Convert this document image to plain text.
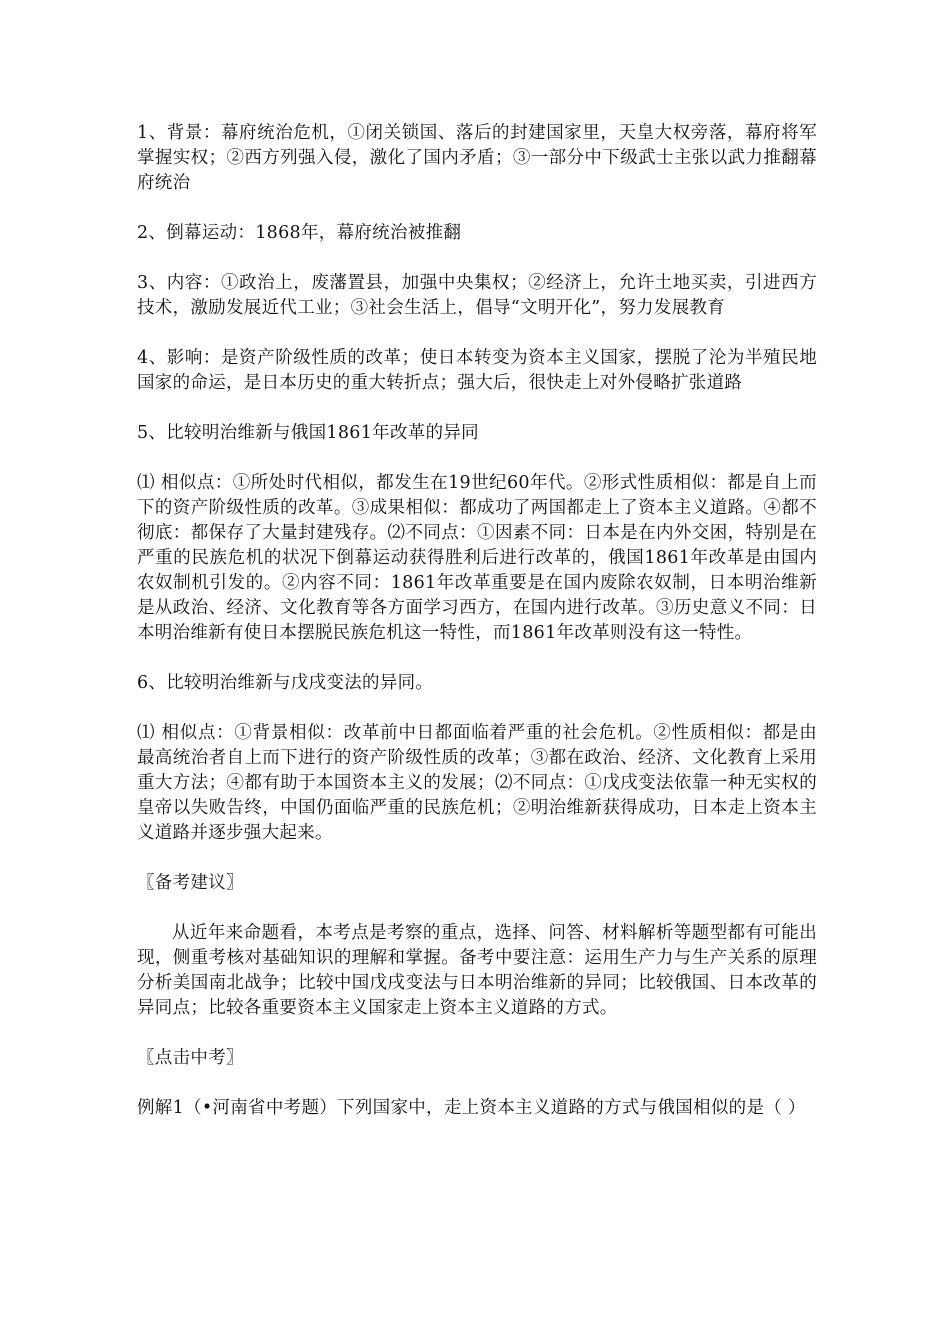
1、背景：幕府统治危机，①闭关锁国、落后的封建国家里，天皇大权旁落，幕府将军掌握实权；②西方列强入侵，激化了国内矛盾；③一部分中下级武士主张以武力推翻幕府统治

2、倒幕运动：1868年，幕府统治被推翻

3、内容：①政治上，废藩置县，加强中央集权；②经济上，允许土地买卖，引进西方技术，激励发展近代工业；③社会生活上，倡导“文明开化”，努力发展教育

4、影响：是资产阶级性质的改革；使日本转变为资本主义国家，摆脱了沦为半殖民地国家的命运，是日本历史的重大转折点；强大后，很快走上对外侵略扩张道路

5、比较明治维新与俄国1861年改革的异同

⑴ 相似点：①所处时代相似，都发生在19世纪60年代。②形式性质相似：都是自上而下的资产阶级性质的改革。③成果相似：都成功了两国都走上了资本主义道路。④都不彻底：都保存了大量封建残存。⑵不同点：①因素不同：日本是在内外交困，特别是在严重的民族危机的状况下倒幕运动获得胜利后进行改革的，俄国1861年改革是由国内农奴制机引发的。②内容不同：1861年改革重要是在国内废除农奴制，日本明治维新是从政治、经济、文化教育等各方面学习西方，在国内进行改革。③历史意义不同：日本明治维新有使日本摆脱民族危机这一特性，而1861年改革则没有这一特性。

6、比较明治维新与戊戌变法的异同。

⑴ 相似点：①背景相似：改革前中日都面临着严重的社会危机。②性质相似：都是由最高统治者自上而下进行的资产阶级性质的改革；③都在政治、经济、文化教育上采用重大方法；④都有助于本国资本主义的发展；⑵不同点：①戊戌变法依靠一种无实权的皇帝以失败告终，中国仍面临严重的民族危机；②明治维新获得成功，日本走上资本主义道路并逐步强大起来。

〖备考建议〗

从近年来命题看，本考点是考察的重点，选择、问答、材料解析等题型都有可能出现，侧重考核对基础知识的理解和掌握。备考中要注意：运用生产力与生产关系的原理分析美国南北战争；比较中国戊戌变法与日本明治维新的异同；比较俄国、日本改革的异同点；比较各重要资本主义国家走上资本主义道路的方式。

〖点击中考〗

例解1（•河南省中考题）下列国家中，走上资本主义道路的方式与俄国相似的是（ ）
